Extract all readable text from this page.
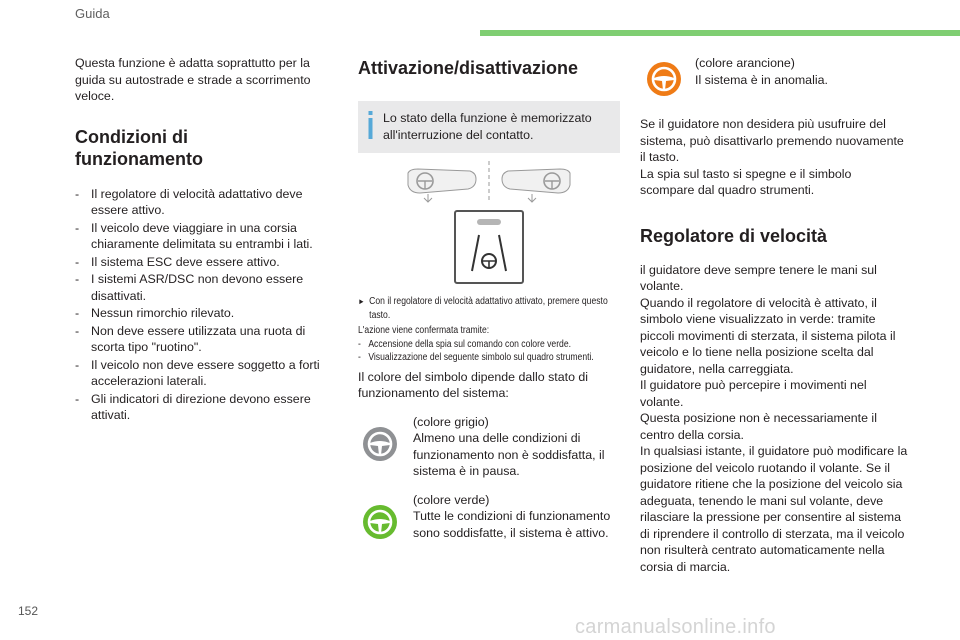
Guida

Questa funzione è adatta soprattutto per la guida su autostrade e strade a scorrimento veloce.

Condizioni di
funzionamento
- Il regolatore di velocità adattativo deve essere attivo.
- Il veicolo deve viaggiare in una corsia chiaramente delimitata su entrambi i lati.
- Il sistema ESC deve essere attivo.
- I sistemi ASR/DSC non devono essere disattivati.
- Nessun rimorchio rilevato.
- Non deve essere utilizzata una ruota di scorta tipo "ruotino".
- Il veicolo non deve essere soggetto a forti accelerazioni laterali.
- Gli indicatori di direzione devono essere attivati.
Attivazione/disattivazione

Lo stato della funzione è memorizzato all'interruzione del contatto.

► Con il regolatore di velocità adattativo attivato, premere questo tasto.

L'azione viene confermata tramite:

- Accensione della spia sul comando con colore verde.

- Visualizzazione del seguente simbolo sul quadro strumenti.

Il colore del simbolo dipende dallo stato di funzionamento del sistema:

(colore grigio)

Almeno una delle condizioni di funzionamento non è soddisfatta, il sistema è in pausa.

(colore verde)

Tutte le condizioni di funzionamento sono soddisfatte, il sistema è attivo.

(colore arancione)

Il sistema è in anomalia.

Se il guidatore non desidera più usufruire del sistema, può disattivarlo premendo nuovamente il tasto.

La spia sul tasto si spegne e il simbolo scompare dal quadro strumenti.

Regolatore di velocità

il guidatore deve sempre tenere le mani sul volante.

Quando il regolatore di velocità è attivato, il simbolo viene visualizzato in verde: tramite piccoli movimenti di sterzata, il sistema pilota il veicolo e lo tiene nella posizione scelta dal guidatore, nella carreggiata.

Il guidatore può percepire i movimenti nel volante.

Questa posizione non è necessariamente il centro della corsia.

In qualsiasi istante, il guidatore può modificare la posizione del veicolo ruotando il volante. Se il guidatore ritiene che la posizione del veicolo sia adeguata, tenendo le mani sul volante, deve rilasciare la pressione per consentire al sistema di riprendere il controllo di sterzata, ma il veicolo non risulterà centrato automaticamente nella corsia di marcia.

152
carmanualsonline.info
